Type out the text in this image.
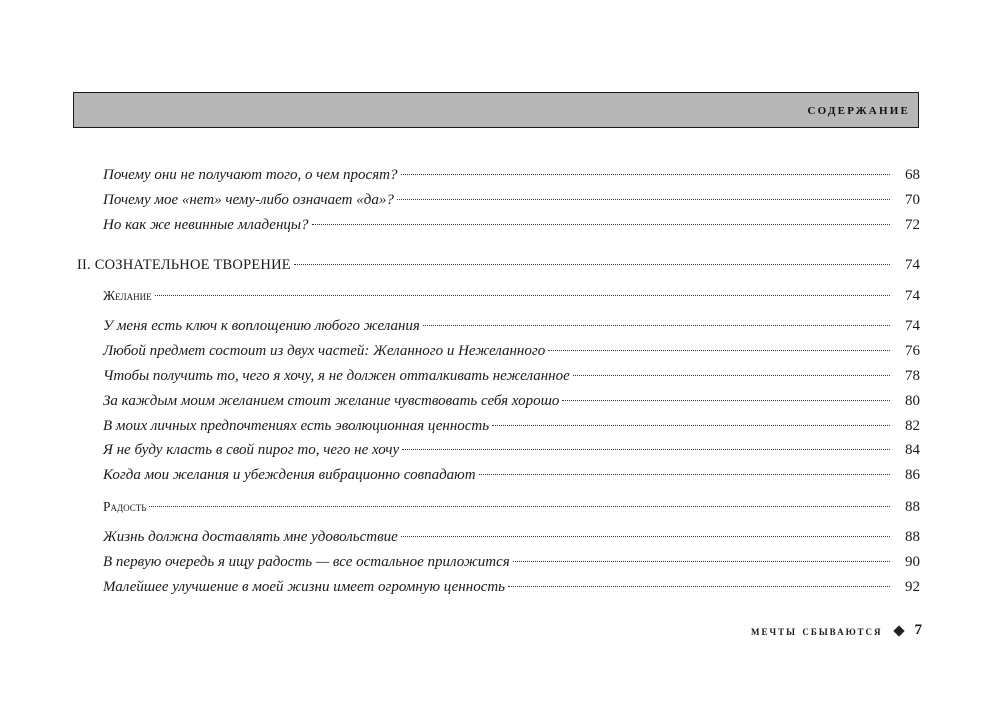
содержание
Почему они не получают того, о чем просят?	68
Почему мое «нет» чему-либо означает «да»?	70
Но как же невинные младенцы?	72
II. СОЗНАТЕЛЬНОЕ ТВОРЕНИЕ	74
Желание	74
У меня есть ключ к воплощению любого желания	74
Любой предмет состоит из двух частей: Желанного и Нежеланного	76
Чтобы получить то, чего я хочу, я не должен отталкивать нежеланное	78
За каждым моим желанием стоит желание чувствовать себя хорошо	80
В моих личных предпочтениях есть эволюционная ценность	82
Я не буду класть в свой пирог то, чего не хочу	84
Когда мои желания и убеждения вибрационно совпадают	86
Радость	88
Жизнь должна доставлять мне удовольствие	88
В первую очередь я ищу радость — все остальное приложится	90
Малейшее улучшение в моей жизни имеет огромную ценность	92
мечты сбываются 7
